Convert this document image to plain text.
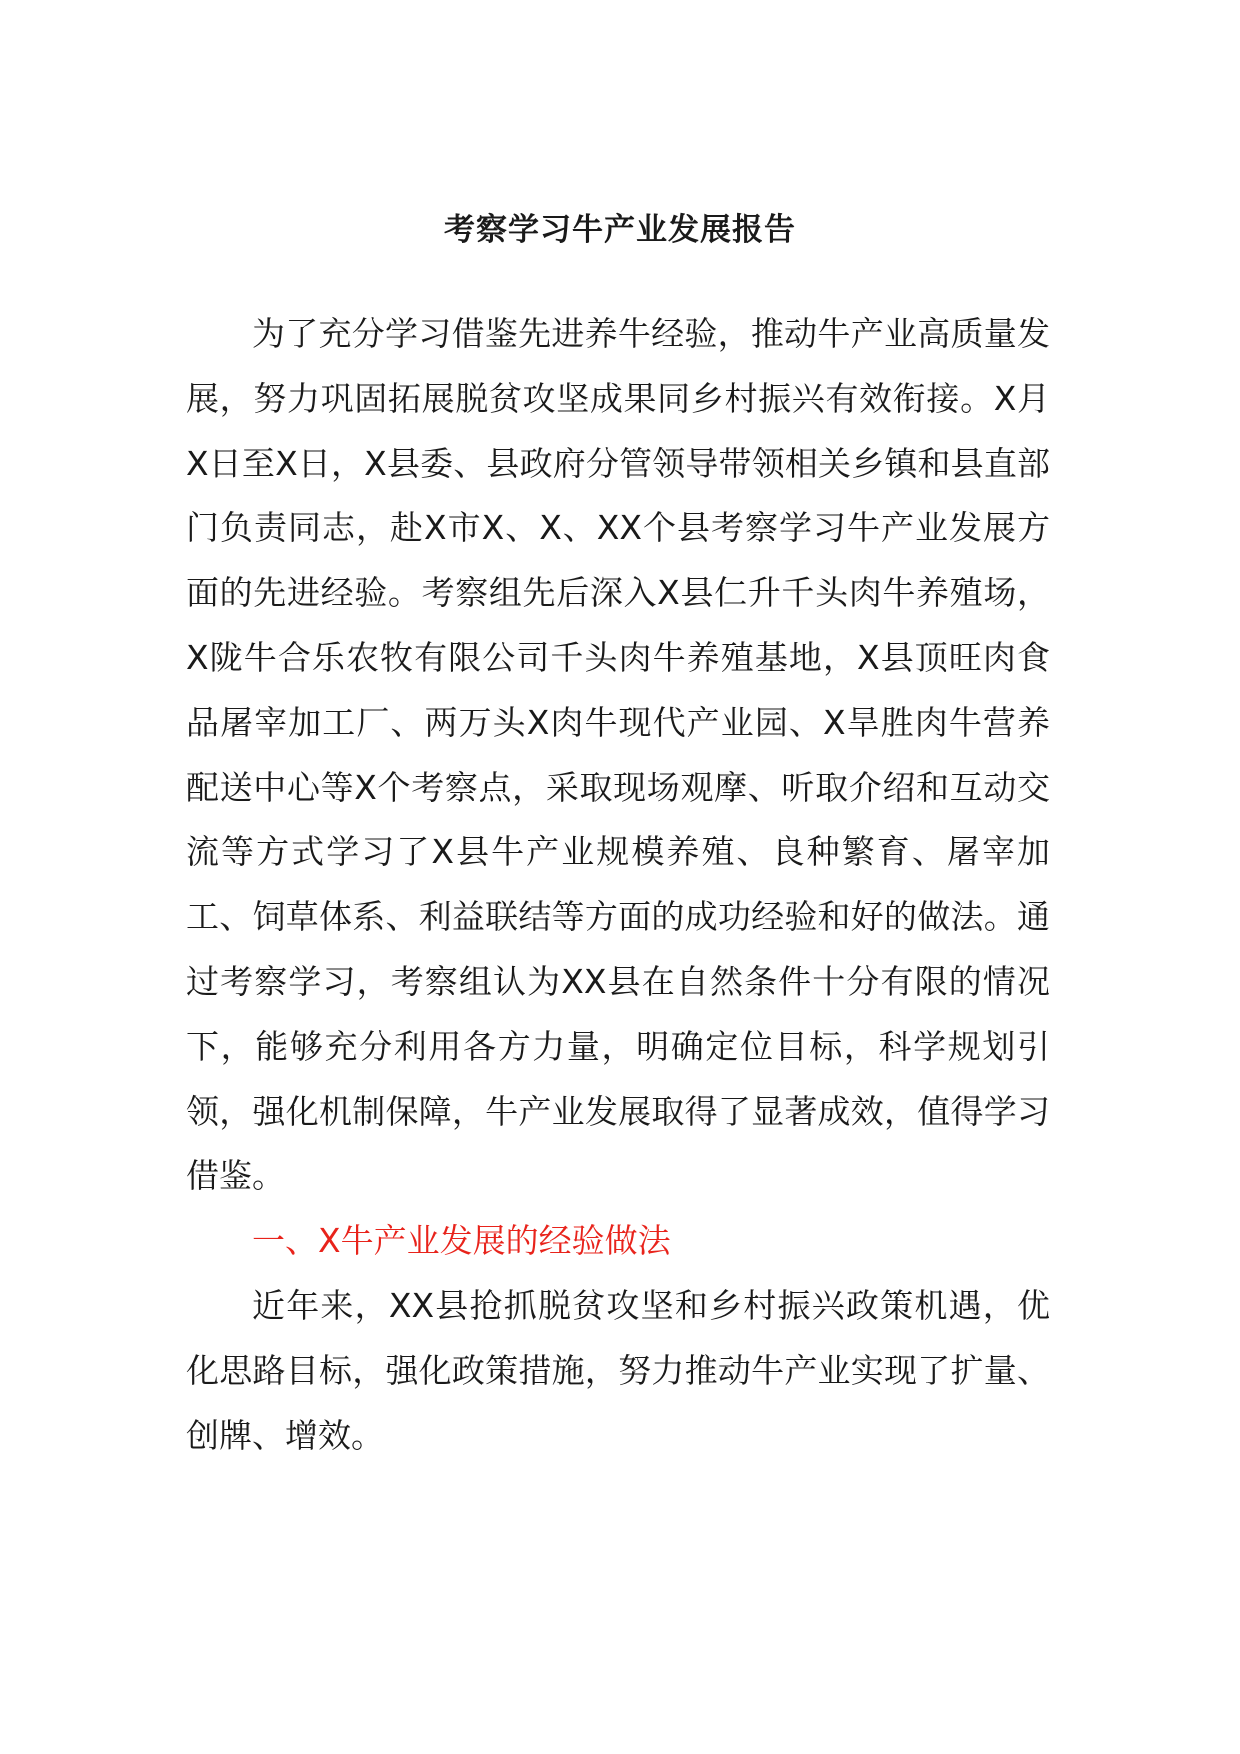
考察学习牛产业发展报告

为了充分学习借鉴先进养牛经验，推动牛产业高质量发展，努力巩固拓展脱贫攻坚成果同乡村振兴有效衔接。X月X日至X日，X县委、县政府分管领导带领相关乡镇和县直部门负责同志，赴X市X、X、XX个县考察学习牛产业发展方面的先进经验。考察组先后深入X县仁升千头肉牛养殖场，X陇牛合乐农牧有限公司千头肉牛养殖基地，X县顶旺肉食品屠宰加工厂、两万头X肉牛现代产业园、X旱胜肉牛营养配送中心等X个考察点，采取现场观摩、听取介绍和互动交流等方式学习了X县牛产业规模养殖、良种繁育、屠宰加工、饲草体系、利益联结等方面的成功经验和好的做法。通过考察学习，考察组认为XX县在自然条件十分有限的情况下，能够充分利用各方力量，明确定位目标，科学规划引领，强化机制保障，牛产业发展取得了显著成效，值得学习借鉴。

一、X牛产业发展的经验做法

近年来，XX县抢抓脱贫攻坚和乡村振兴政策机遇，优化思路目标，强化政策措施，努力推动牛产业实现了扩量、创牌、增效。
